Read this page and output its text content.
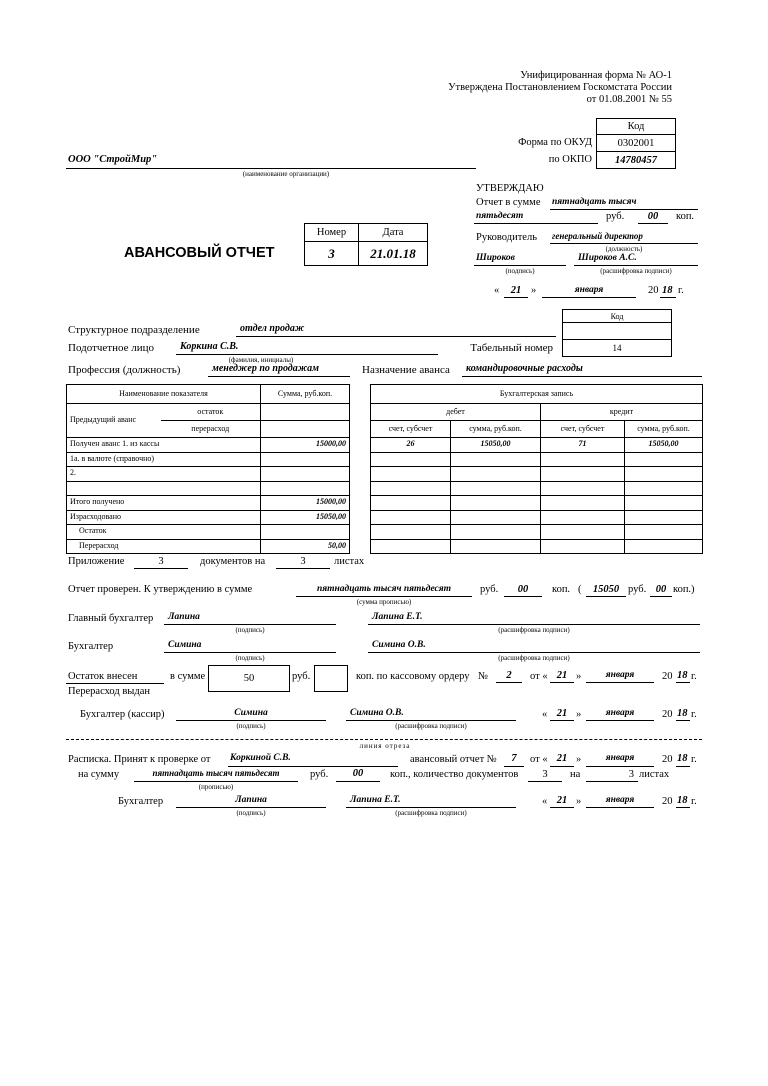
Унифицированная форма № АО-1
Утверждена Постановлением Госкомстата России
от 01.08.2001 № 55
Код
Форма по ОКУД	0302001
по ОКПО	14780457
ООО "СтройМир"
(наименование организации)
УТВЕРЖДАЮ
Отчет в сумме пятнадцать тысяч
пятьдесят	руб.	00	коп.
Руководитель генеральный директор
(должность)
Широков
(подпись)
Широков А.С.
(расшифровка подписи)
«	21 »	января	20 18 г.
АВАНСОВЫЙ ОТЧЕТ
Номер	Дата
3	21.01.18
Код
14
Структурное подразделение	отдел продаж
Подотчетное лицо	Коркина С.В.
(фамилия, инициалы)
Табельный номер
Профессия (должность)	менеджер по продажам	Назначение аванса командировочные расходы
Наименование показателя		Сумма, руб.коп.
Предыдущий аванс	остаток	
	перерасход	
Получен аванс 1. из кассы		15000,00
1а. в валюте (справочно)		
2.		

Итого получено		15000,00
Израсходовано		15050,00
Остаток		
Перерасход		50,00
Бухгалтерская запись			
дебет		кредит	
счет, субсчет	сумма, руб.коп.	счет, субсчет	сумма, руб.коп.
26	15050,00	71	15050,00

Приложение	3	документов на	3	листах
Отчет проверен. К утверждению в сумме	пятнадцать тысяч пятьдесят
(сумма прописью)
руб.	00	коп. (	15050 руб. 00 коп.)
Главный бухгалтер Лапина
(подпись)
Лапина Е.Т.
(расшифровка подписи)
Бухгалтер	Симина
(подпись)
Симина О.В.
(расшифровка подписи)
Остаток внесен
Перерасход выдан
в сумме	50	руб.	коп. по кассовому ордеру №	2	от « 21 »	января	20 18 г.
Бухгалтер (кассир)	Симина
(подпись)
Симина О.В.
(расшифровка подписи)
« 21 »	января	20 18 г.
линия отреза
Расписка. Принят к проверке от Коркиной С.В.	авансовый отчет №	7	от « 21 »	января	20 18 г.
на сумму	пятнадцать тысяч пятьдесят
(прописью)
руб.	00	коп., количество документов	3	на	3 листах
Бухгалтер	Лапина
(подпись)
Лапина Е.Т.
(расшифровка подписи)
« 21 »	января	20 18 г.
